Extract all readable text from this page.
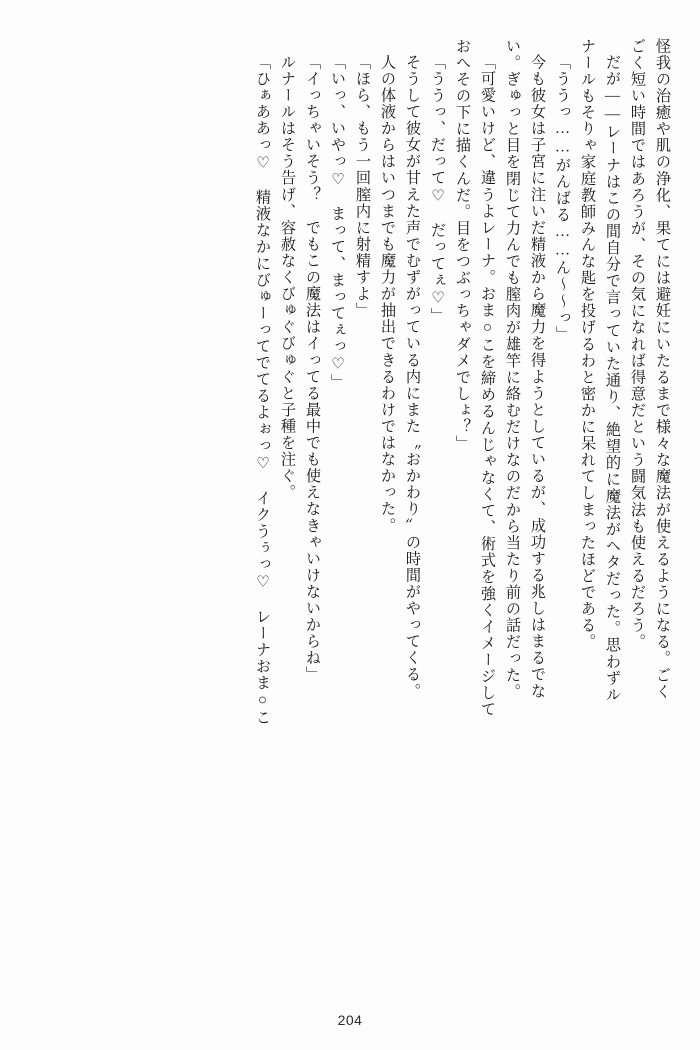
怪我の治癒や肌の浄化、果てには避妊にいたるまで様々な魔法が使えるようになる。ごく
ごく短い時間ではあろうが、その気になれば得意だという闘気法も使えるだろう。
だが――レーナはこの間自分で言っていた通り、絶望的に魔法がヘタだった。思わずル
ナールもそりゃ家庭教師みんな匙を投げるわと密かに呆れてしまったほどである。
「ううっ……がんばる……ん～～っ」
今も彼女は子宮に注いだ精液から魔力を得ようとしているが、成功する兆しはまるでな
い。ぎゅっと目を閉じて力んでも膣肉が雄竿に絡むだけなのだから当たり前の話だった。
「可愛いけど、違うよレーナ。おま○こを締めるんじゃなくて、術式を強くイメージして
おへその下に描くんだ。目をつぶっちゃダメでしょ？」
「ううっ、だって♡　だってぇ♡」
そうして彼女が甘えた声でむずがっている内にまた〝おかわり〟の時間がやってくる。
人の体液からはいつまでも魔力が抽出できるわけではなかった。
「ほら、もう一回膣内に射精すよ」
「いっ、いやっ♡　まって、まってぇっ♡」
「イっちゃいそう？　でもこの魔法はイってる最中でも使えなきゃいけないからね」
ルナールはそう告げ、容赦なくびゅぐびゅぐと子種を注ぐ。
「ひぁああっ♡　精液なかにびゅーってでてるよぉっ♡　イクうぅっ♡　レーナおま○こ
204
